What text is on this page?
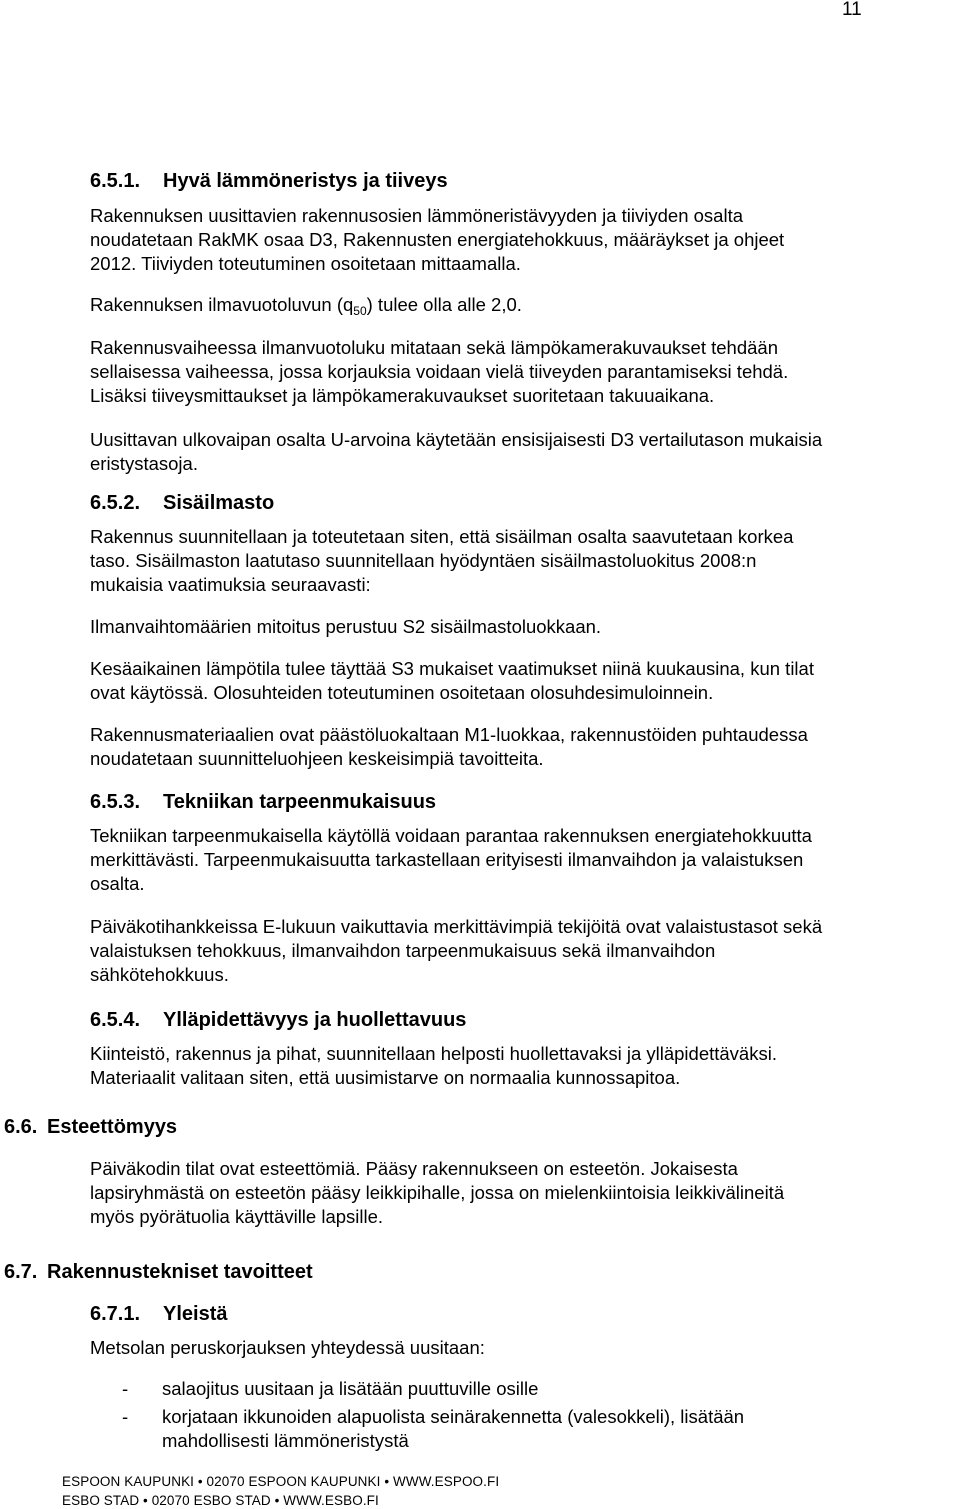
11
6.5.1. Hyvä lämmöneristys ja tiiveys
Rakennuksen uusittavien rakennusosien lämmöneristävyyden ja tiiviyden osalta
noudatetaan RakMK osaa D3, Rakennusten energiatehokkuus, määräykset ja ohjeet
2012. Tiiviyden toteutuminen osoitetaan mittaamalla.
Rakennuksen ilmavuotoluvun $(q_{50})$ tulee olla alle 2,0.
Rakennusvaiheessa ilmanvuotoluku mitataan sekä lämpökamerakuvaukset tehdään
sellaisessa vaiheessa, jossa korjauksia voidaan vielä tiiveyden parantamiseksi tehdä.
Lisäksi tiiveysmittaukset ja lämpökamerakuvaukset suoritetaan takuuaikana.
Uusittavan ulkovaipan osalta U-arvoina käytetään ensisijaisesti D3 vertailutason mukaisia
eristystasoja.
6.5.2. Sisäilmasto
Rakennus suunnitellaan ja toteutetaan siten, että sisäilman osalta saavutetaan korkea
taso. Sisäilmaston laatutaso suunnitellaan hyödyntäen sisäilmastoluokitus 2008:n
mukaisia vaatimuksia seuraavasti:
Ilmanvaihtomäärien mitoitus perustuu S2 sisäilmastoluokkaan.
Kesäaikainen lämpötila tulee täyttää S3 mukaiset vaatimukset niinä kuukausina, kun tilat
ovat käytössä. Olosuhteiden toteutuminen osoitetaan olosuhdesimuloinnein.
Rakennusmateriaalien ovat päästöluokaltaan M1-luokkaa, rakennustöiden puhtaudessa
noudatetaan suunnitteluohjeen keskeisimpiä tavoitteita.
6.5.3. Tekniikan tarpeenmukaisuus
Tekniikan tarpeenmukaisella käytöllä voidaan parantaa rakennuksen energiatehokkuutta
merkittävästi. Tarpeenmukaisuutta tarkastellaan erityisesti ilmanvaihdon ja valaistuksen
osalta.
Päiväkotihankkeissa E-lukuun vaikuttavia merkittävimpiä tekijöitä ovat valaistustasot sekä
valaistuksen tehokkuus, ilmanvaihdon tarpeenmukaisuus sekä ilmanvaihdon
sähkötehokkuus.
6.5.4. Ylläpidettävyys ja huollettavuus
Kiinteistö, rakennus ja pihat, suunnitellaan helposti huollettavaksi ja ylläpidettäväksi.
Materiaalit valitaan siten, että uusimistarve on normaalia kunnossapitoa.
6.6. Esteettömyys
Päiväkodin tilat ovat esteettömiä. Pääsy rakennukseen on esteetön. Jokaisesta
lapsiryhmästä on esteetön pääsy leikkipihalle, jossa on mielenkiintoisia leikkivälineitä
myös pyörätuolia käyttäville lapsille.
6.7. Rakennustekniset tavoitteet
6.7.1. Yleistä
Metsolan peruskorjauksen yhteydessä uusitaan:
- salaojitus uusitaan ja lisätään puuttuville osille
- korjataan ikkunoiden alapuolista seinärakennetta (valesokkeli), lisätään
mahdollisesti lämmöneristystä
ESPOON KAUPUNKI • 02070 ESPOON KAUPUNKI • WWW.ESPOO.FI
ESBO STAD • 02070 ESBO STAD • WWW.ESBO.FI
